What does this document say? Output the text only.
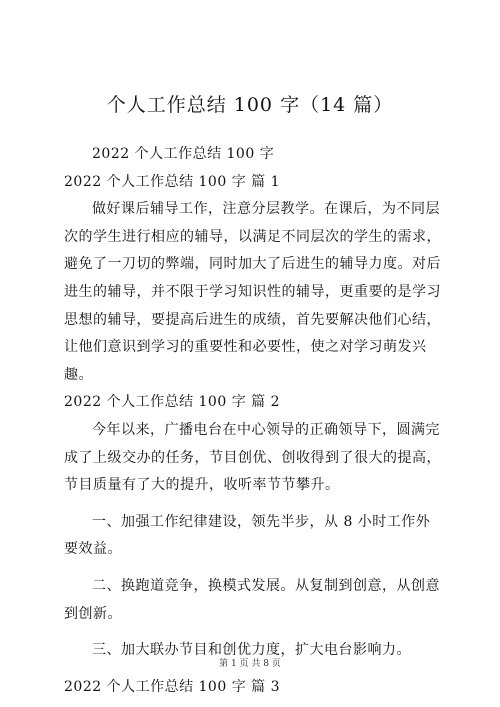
个人工作总结 100 字（14 篇）

2022 个人工作总结 100 字

2022 个人工作总结 100 字 篇 1

做好课后辅导工作，注意分层教学。在课后，为不同层次的学生进行相应的辅导，以满足不同层次的学生的需求，避免了一刀切的弊端，同时加大了后进生的辅导力度。对后进生的辅导，并不限于学习知识性的辅导，更重要的是学习思想的辅导，要提高后进生的成绩，首先要解决他们心结，让他们意识到学习的重要性和必要性，使之对学习萌发兴趣。

2022 个人工作总结 100 字 篇 2

今年以来，广播电台在中心领导的正确领导下，圆满完成了上级交办的任务，节目创优、创收得到了很大的提高，节目质量有了大的提升，收听率节节攀升。

一、加强工作纪律建设，领先半步，从 8 小时工作外要效益。

二、换跑道竞争，换模式发展。从复制到创意，从创意到创新。

三、加大联办节目和创优力度，扩大电台影响力。

2022 个人工作总结 100 字 篇 3

第 1 页 共 8 页
